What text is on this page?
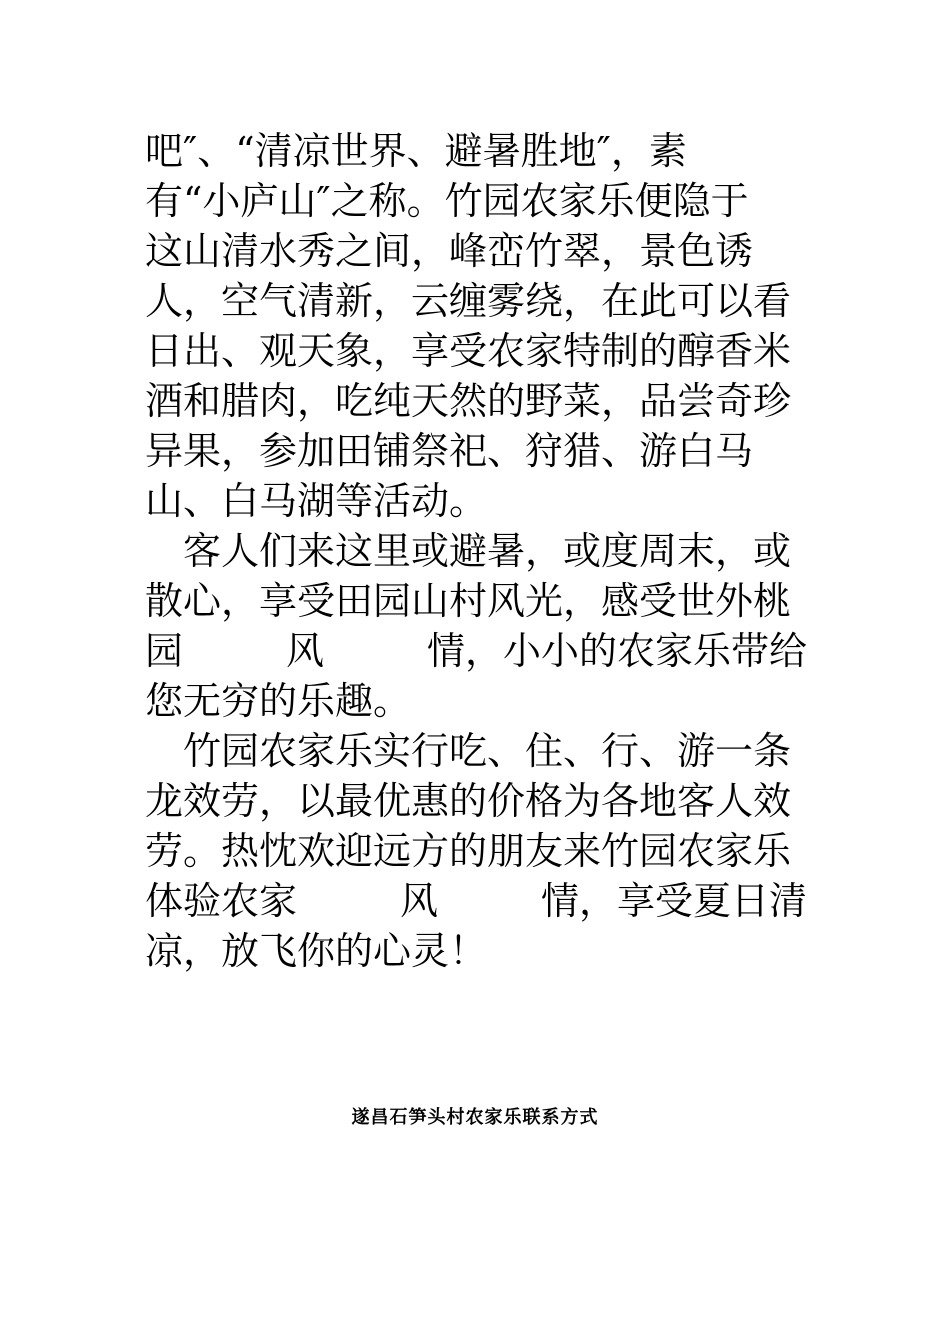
吧″、“清凉世界、避暑胜地″，素
有“小庐山″之称。竹园农家乐便隐于
这山清水秀之间，峰峦竹翠，景色诱
人，空气清新，云缠雾绕，在此可以看
日出、观天象，享受农家特制的醇香米
酒和腊肉，吃纯天然的野菜，品尝奇珍
异果，参加田铺祭祀、狩猎、游白马
山、白马湖等活动。
客人们来这里或避暑，或度周末，或
散心，享受田园山村风光，感受世外桃
园	风	情，小小的农家乐带给
您无穷的乐趣。
竹园农家乐实行吃、住、行、游一条
龙效劳，以最优惠的价格为各地客人效
劳。热忱欢迎远方的朋友来竹园农家乐
体验农家	风	情，享受夏日清
凉，放飞你的心灵！
遂昌石笋头村农家乐联系方式
